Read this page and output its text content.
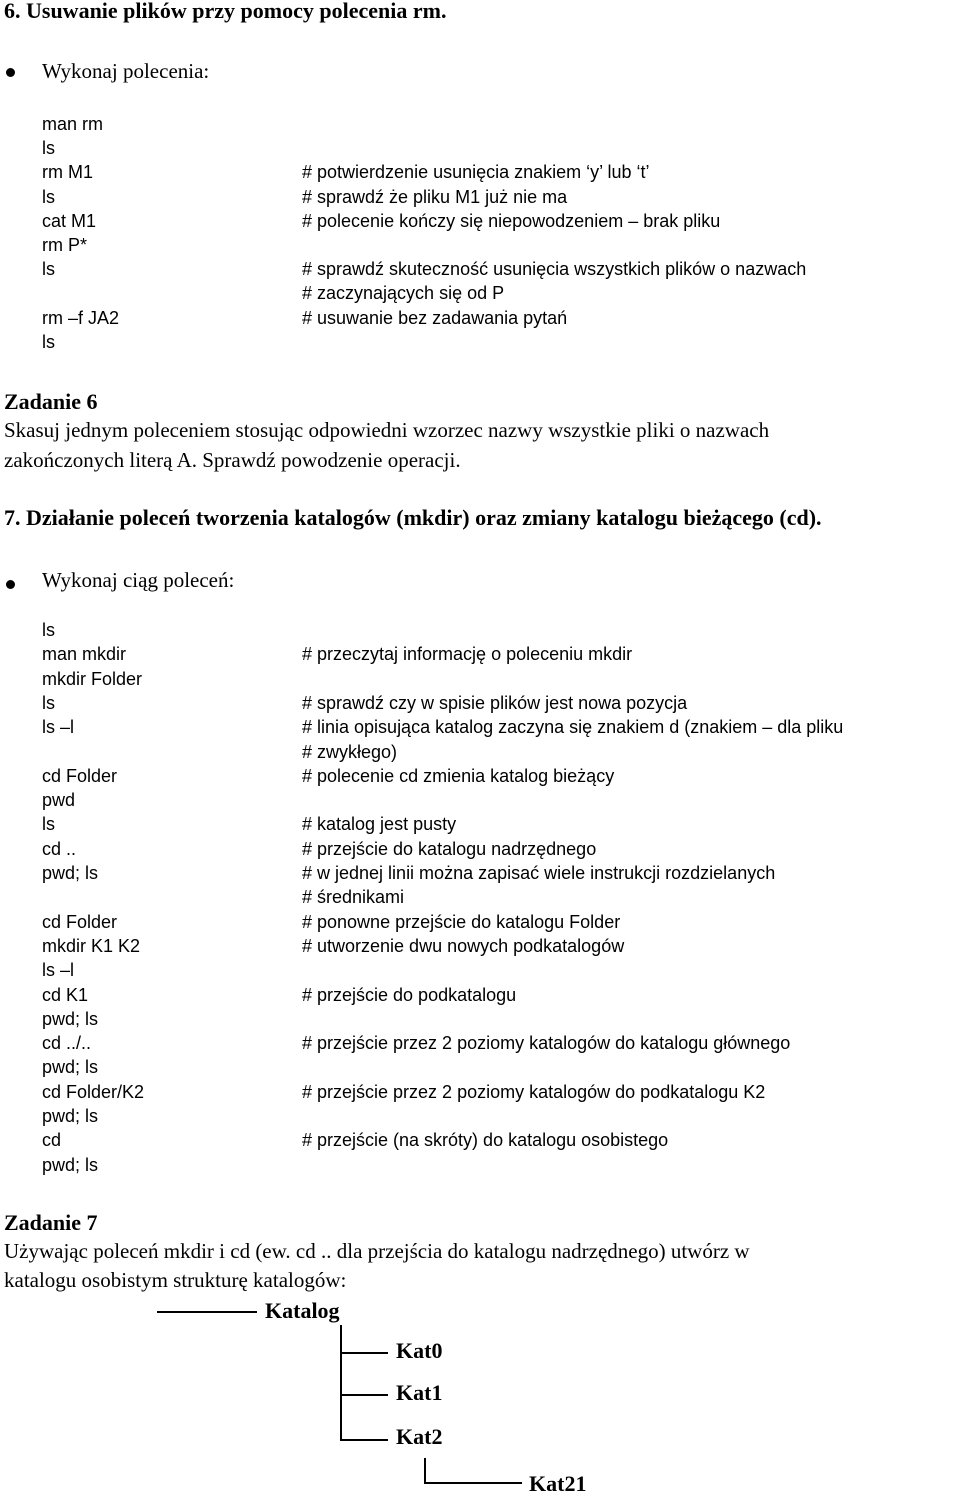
6. Usuwanie plików przy pomocy polecenia rm.
Wykonaj polecenia:
man rm
ls
rm M1	# potwierdzenie usunięcia znakiem ‘y’ lub ‘t’
ls	# sprawdź że pliku M1 już nie ma
cat M1	# polecenie kończy się niepowodzeniem – brak pliku
rm P*
ls	# sprawdź skuteczność usunięcia wszystkich plików o nazwach
# zaczynających się od P
rm –f JA2	# usuwanie bez zadawania pytań
ls
Zadanie 6
Skasuj jednym poleceniem stosując odpowiedni wzorzec nazwy wszystkie pliki o nazwach
zakończonych literą A. Sprawdź powodzenie operacji.
7. Działanie poleceń tworzenia katalogów (mkdir) oraz zmiany katalogu bieżącego (cd).
Wykonaj ciąg poleceń:
ls
man mkdir	# przeczytaj informację o poleceniu mkdir
mkdir Folder
ls	# sprawdź czy w spisie plików jest nowa pozycja
ls –l	# linia opisująca katalog zaczyna się znakiem d (znakiem – dla pliku
# zwykłego)
cd Folder	# polecenie cd zmienia katalog bieżący
pwd
ls	# katalog jest pusty
cd ..	# przejście do katalogu nadrzędnego
pwd; ls	# w jednej linii można zapisać wiele instrukcji rozdzielanych
# średnikami
cd Folder	# ponowne przejście do katalogu Folder
mkdir K1 K2	# utworzenie dwu nowych podkatalogów
ls –l
cd K1	# przejście do podkatalogu
pwd; ls
cd ../..	# przejście przez 2 poziomy katalogów do katalogu głównego
pwd; ls
cd Folder/K2	# przejście przez 2 poziomy katalogów do podkatalogu K2
pwd; ls
cd	# przejście (na skróty) do katalogu osobistego
pwd; ls
Zadanie 7
Używając poleceń mkdir i cd (ew. cd .. dla przejścia do katalogu nadrzędnego) utwórz w
katalogu osobistym strukturę katalogów:
Katalog
Kat0
Kat1
Kat2
Kat21
